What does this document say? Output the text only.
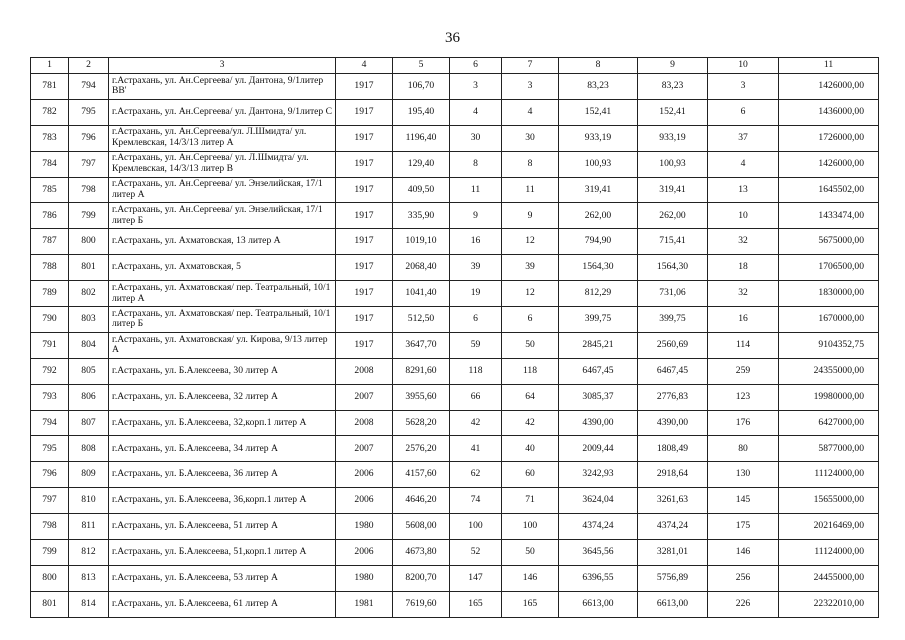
36
1	2	3	4	5	6	7	8	9	10	11
781	794	г.Астрахань, ул. Ан.Сергеева/ ул. Дантона, 9/1литер ВВ'	1917	106,70	3	3	83,23	83,23	3	1426000,00
782	795	г.Астрахань, ул. Ан.Сергеева/ ул. Дантона, 9/1литер С	1917	195,40	4	4	152,41	152,41	6	1436000,00
783	796	г.Астрахань, ул. Ан.Сергеева/ул. Л.Шмидта/ ул. Кремлевская, 14/3/13 литер А	1917	1196,40	30	30	933,19	933,19	37	1726000,00
784	797	г.Астрахань, ул. Ан.Сергеева/ ул. Л.Шмидта/ ул. Кремлевская, 14/3/13 литер В	1917	129,40	8	8	100,93	100,93	4	1426000,00
785	798	г.Астрахань, ул. Ан.Сергеева/ ул. Энзелийская, 17/1 литер А	1917	409,50	11	11	319,41	319,41	13	1645502,00
786	799	г.Астрахань, ул. Ан.Сергеева/ ул. Энзелийская, 17/1 литер Б	1917	335,90	9	9	262,00	262,00	10	1433474,00
787	800	г.Астрахань, ул. Ахматовская, 13 литер А	1917	1019,10	16	12	794,90	715,41	32	5675000,00
788	801	г.Астрахань, ул. Ахматовская, 5	1917	2068,40	39	39	1564,30	1564,30	18	1706500,00
789	802	г.Астрахань, ул. Ахматовская/ пер. Театральный, 10/1 литер А	1917	1041,40	19	12	812,29	731,06	32	1830000,00
790	803	г.Астрахань, ул. Ахматовская/ пер. Театральный, 10/1 литер Б	1917	512,50	6	6	399,75	399,75	16	1670000,00
791	804	г.Астрахань, ул. Ахматовская/ ул. Кирова, 9/13 литер А	1917	3647,70	59	50	2845,21	2560,69	114	9104352,75
792	805	г.Астрахань, ул. Б.Алексеева, 30 литер А	2008	8291,60	118	118	6467,45	6467,45	259	24355000,00
793	806	г.Астрахань, ул. Б.Алексеева, 32 литер А	2007	3955,60	66	64	3085,37	2776,83	123	19980000,00
794	807	г.Астрахань, ул. Б.Алексеева, 32,корп.1 литер А	2008	5628,20	42	42	4390,00	4390,00	176	6427000,00
795	808	г.Астрахань, ул. Б.Алексеева, 34 литер А	2007	2576,20	41	40	2009,44	1808,49	80	5877000,00
796	809	г.Астрахань, ул. Б.Алексеева, 36 литер А	2006	4157,60	62	60	3242,93	2918,64	130	11124000,00
797	810	г.Астрахань, ул. Б.Алексеева, 36,корп.1 литер А	2006	4646,20	74	71	3624,04	3261,63	145	15655000,00
798	811	г.Астрахань, ул. Б.Алексеева, 51 литер А	1980	5608,00	100	100	4374,24	4374,24	175	20216469,00
799	812	г.Астрахань, ул. Б.Алексеева, 51,корп.1 литер А	2006	4673,80	52	50	3645,56	3281,01	146	11124000,00
800	813	г.Астрахань, ул. Б.Алексеева, 53 литер А	1980	8200,70	147	146	6396,55	5756,89	256	24455000,00
801	814	г.Астрахань, ул. Б.Алексеева, 61 литер А	1981	7619,60	165	165	6613,00	6613,00	226	22322010,00
